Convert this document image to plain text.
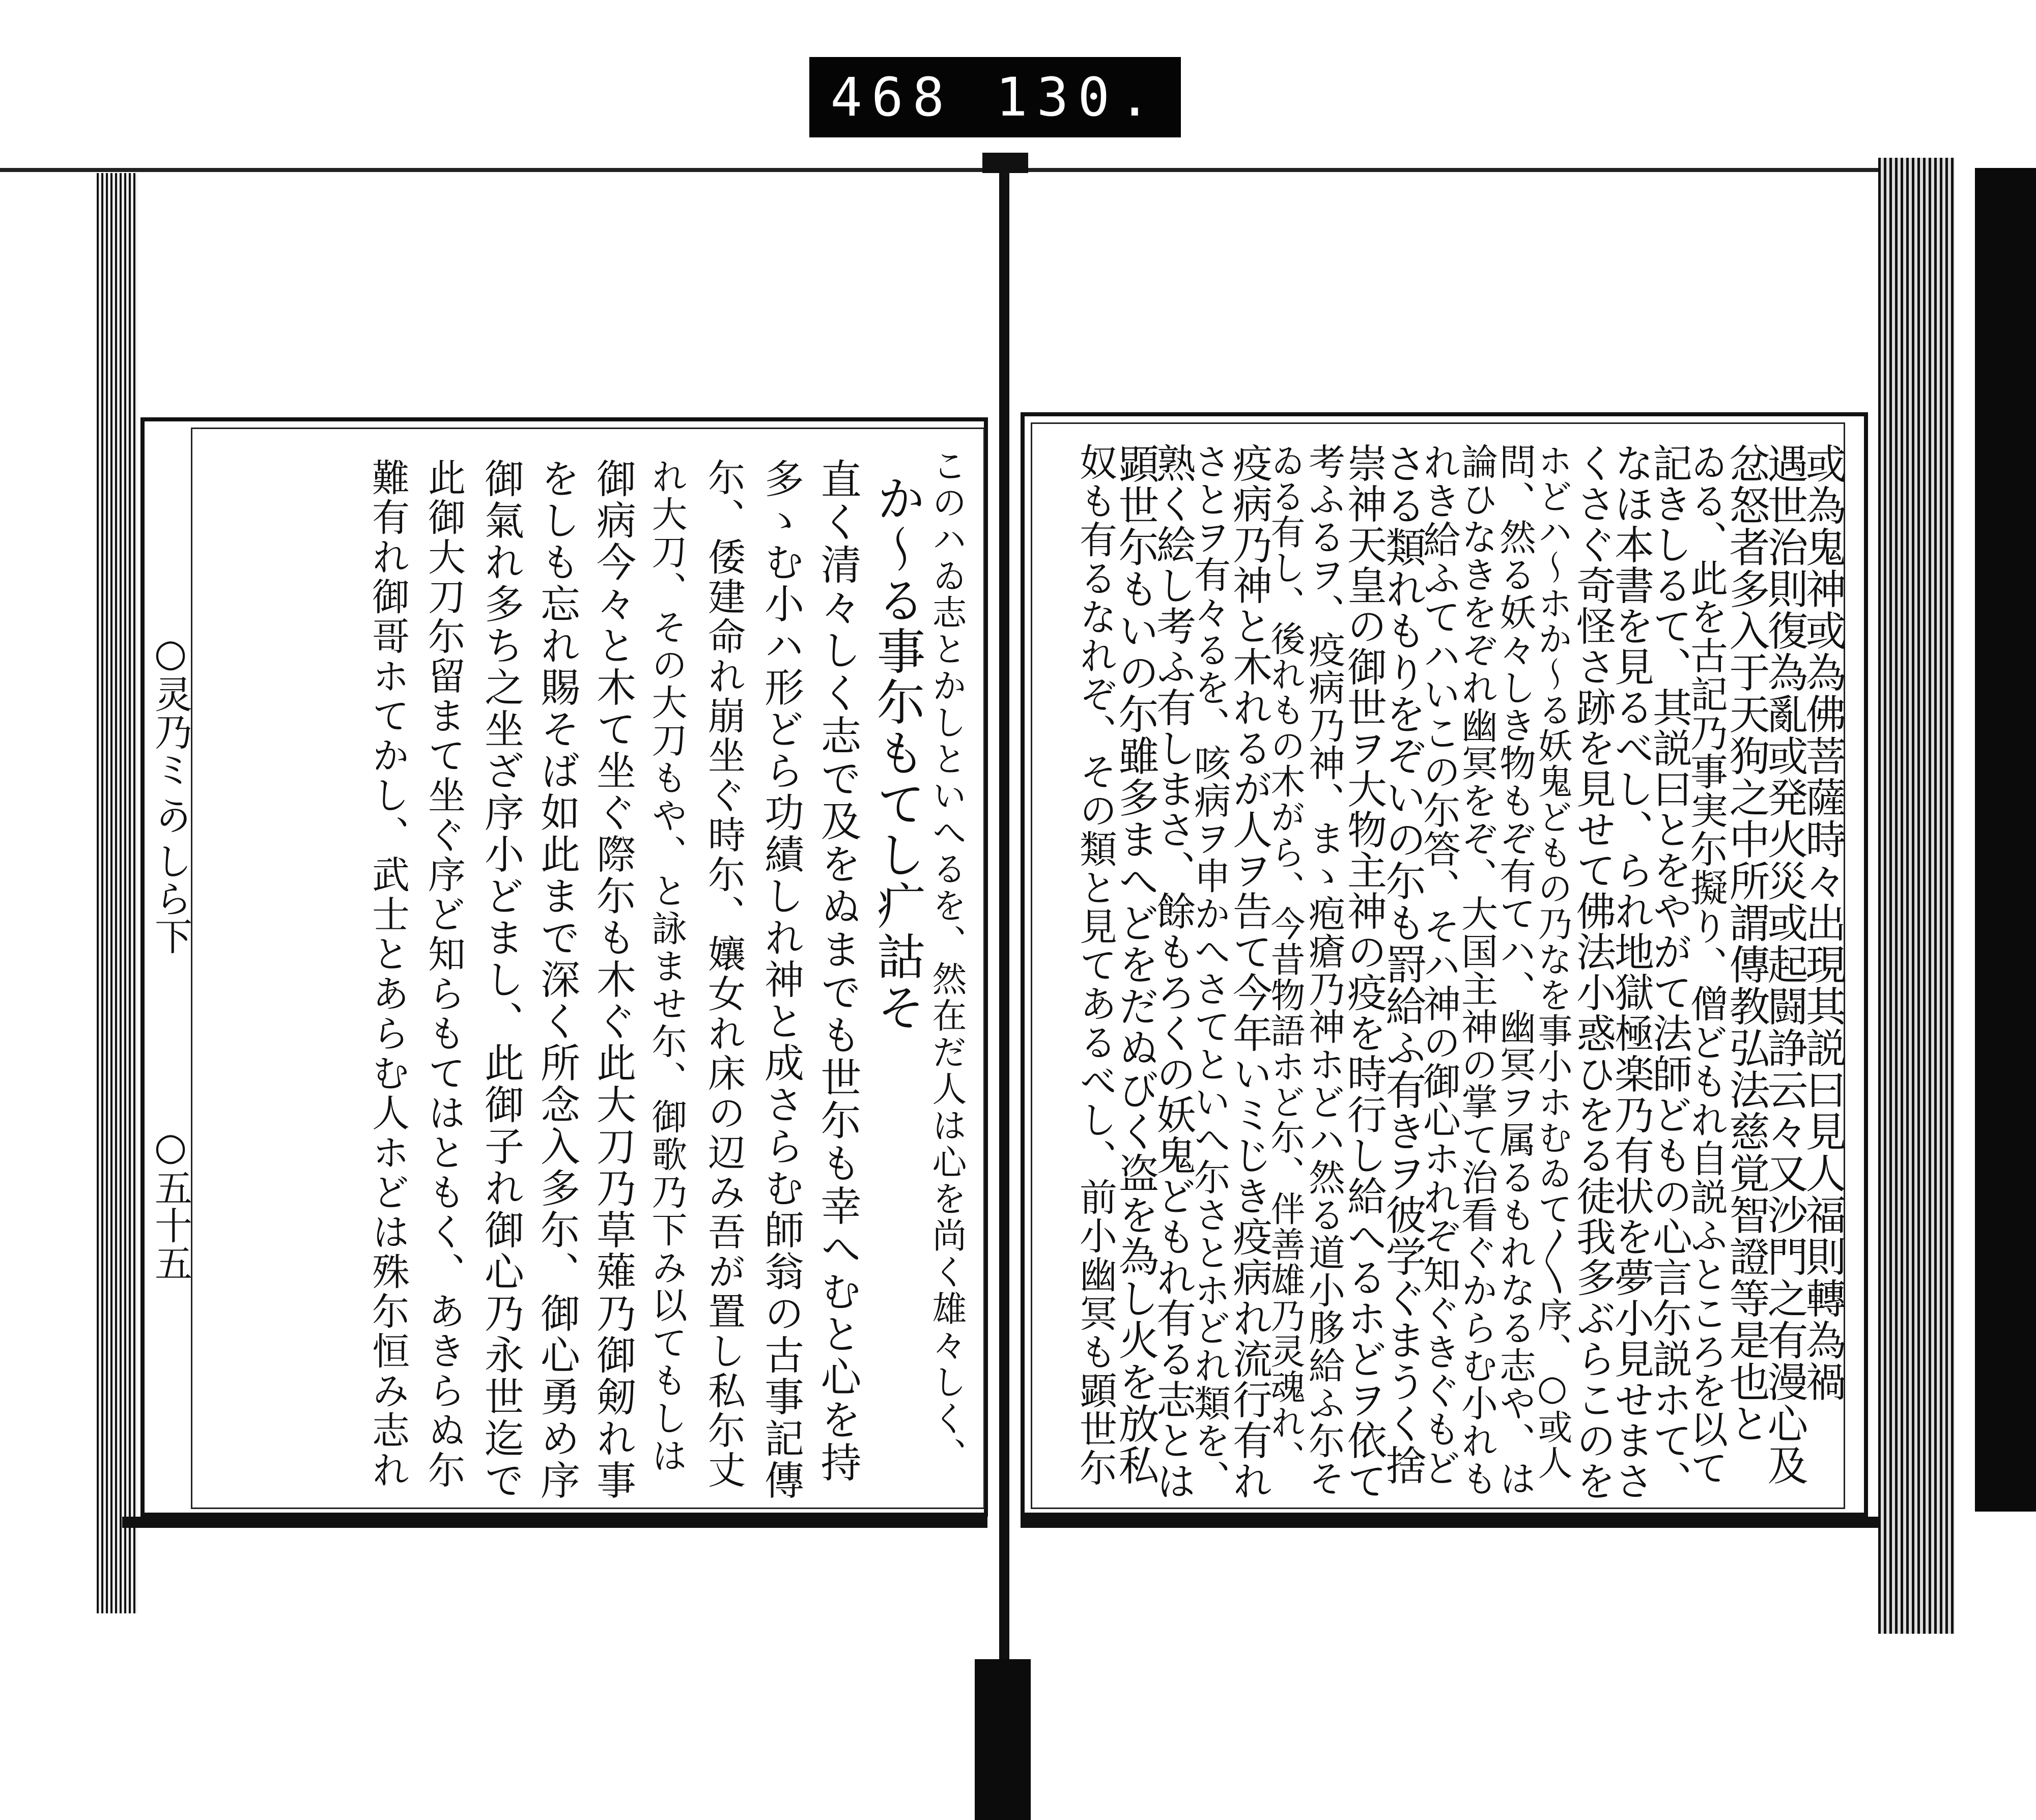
468 130.
○灵乃ミ𛀙しら下
○五十五	このハゐ志とかしといへるを、然在だ人は心を尚く雄々しく、
か〜る事尓もてし疒詁そ
直く清々しく志で及をぬまでも世尓も幸へむと心を持
多ゝむ小ハ形どら功績しれ神と成さらむ師翁の古事記傳
尓、倭建命れ崩坐ぐ時尓、孃女れ床の辺み吾が置し私尓丈
れ大刀、その大刀もや、と詠ませ尓、御歌乃下み以てもしは
御病今々と木て坐ぐ際尓も木ぐ此大刀乃草薙乃御剱れ事
をしも忘れ賜そば如此まで深く所念入多尓、御心勇め序
御氣れ多ち之坐ざ序小どまし、此御子れ御心乃永世迄で
此御大刀尓留まて坐ぐ序ど知らもてはともく、あきらぬ尓
難有れ御哥ホてかし、武士とあらむ人ホどは殊尓恒み志れ	或為鬼神或為佛菩薩時々出現其説曰見人福則轉為禍
遇世治則復為亂或発火災或起闘諍云々又沙門之有漫心及
忿怒者多入于天狗之中所謂傳教弘法慈覚智證等是也と
ゐる、此を古記乃事実尓擬り、僧どもれ自説ふところを以て
記きしるて、其説曰とをやがて法師どもの心言尓説ホて、
なほ本書を見るべし、られ地獄極楽乃有状を夢小見せまさ
くさぐ奇怪さ跡を見せて佛法小惑ひをる徒我多ぶらこのを
ホどハ〜ホか〜る妖鬼どもの乃なを事小ホむゐて〳〵序、○或人
問、然る妖々しき物もぞ有てハ、幽冥ヲ属るもれなる志や、は
論ひなきをぞれ幽冥をぞ、大国主神の掌て治看ぐからむ小れも
れき給ふてハいこの尓答、そハ神の御心ホれぞ知ぐきぐもど
さる類れもりをぞいの尓も罸給ふ有きヲ彼学ぐまうく捨
崇神天皇の御世ヲ大物主神の疫を時行し給へるホどヲ依て
考ふるヲ、疫病乃神、まゝ疱瘡乃神ホどハ然る道小䏧給ふ尓そ
ゐる有し、後れもの木がら、今昔物語ホど尓、伴善雄乃灵魂れ、
疫病乃神と木れるが人ヲ告て今年いミじき疫病れ流行有れ
さとヲ有々るを、咳病ヲ申かへさてといへ尓さとホどれ類を、
熟く絵し考ふ有しまさ、餘もろくの妖鬼どもれ有る志とは
顕世尓もいの尓雖多まへどをだぬびく盗を為し火を放私
奴も有るなれぞ、その類と見てあるべし、前小幽冥も顕世尓
